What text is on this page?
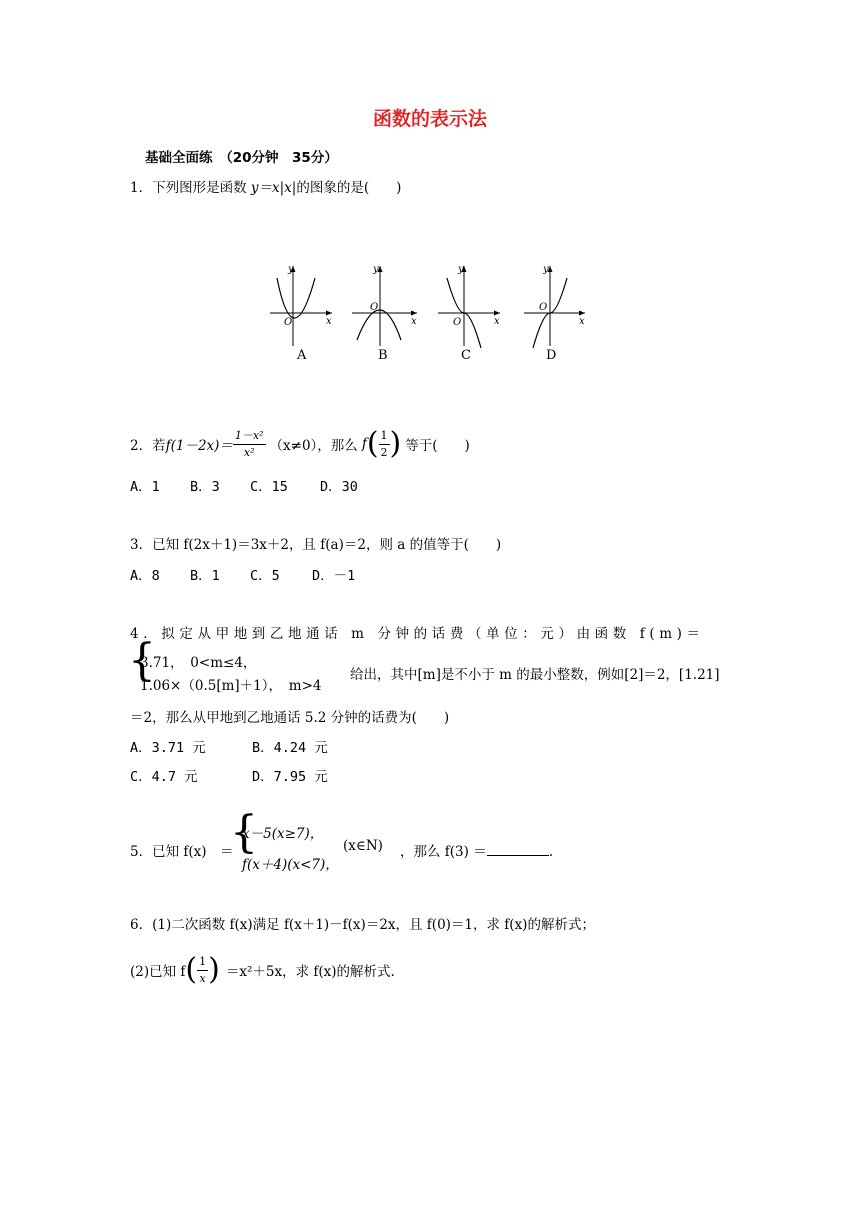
函数的表示法
基础全面练　（20分钟　35分）
1．下列图形是函数 y＝x|x|的图象的是(　　)
y
x
O
A
y
x
O
B
y
x
O
C
y
x
O
D
2．若 $f(1-2x)= \frac{\text{1－x²}}{\text{x²}} (x\ne 0)$，那么 f ( $\frac{1}{2}$ ) 等于(　　)
A．1 B．3 C．15 D．30
3．已知 f(2x＋1)＝3x＋2，且 f(a)＝2，则 a 的值等于(　　)
A．8 B．1 C．5 D．－1
4．拟定从甲地到乙地通话 m 分钟的话费（单位：元）由函数 f(m)＝
{
3.71，　0<m≤4，
1.06×（0.5[m]＋1），　m>4
给出，其中[m]是不小于 m 的最小整数，例如[2]＝2，[1.21]
＝2，那么从甲地到乙地通话 5.2 分钟的话费为(　　)
A．3.71 元	B．4.24 元
C．4.7 元	D．7.95 元
5．已知 f(x)　＝
{
x－5(x≥7)，
f(x＋4)(x<7)，
(x∈N) ，那么 f(3) ＝	.
6．(1)二次函数 f(x)满足 f(x＋1)－f(x)＝2x，且 f(0)＝1，求 f(x)的解析式；
(2)已知 f ( $\frac{1}{x}$ ) ＝x²＋5x，求 f(x)的解析式.
